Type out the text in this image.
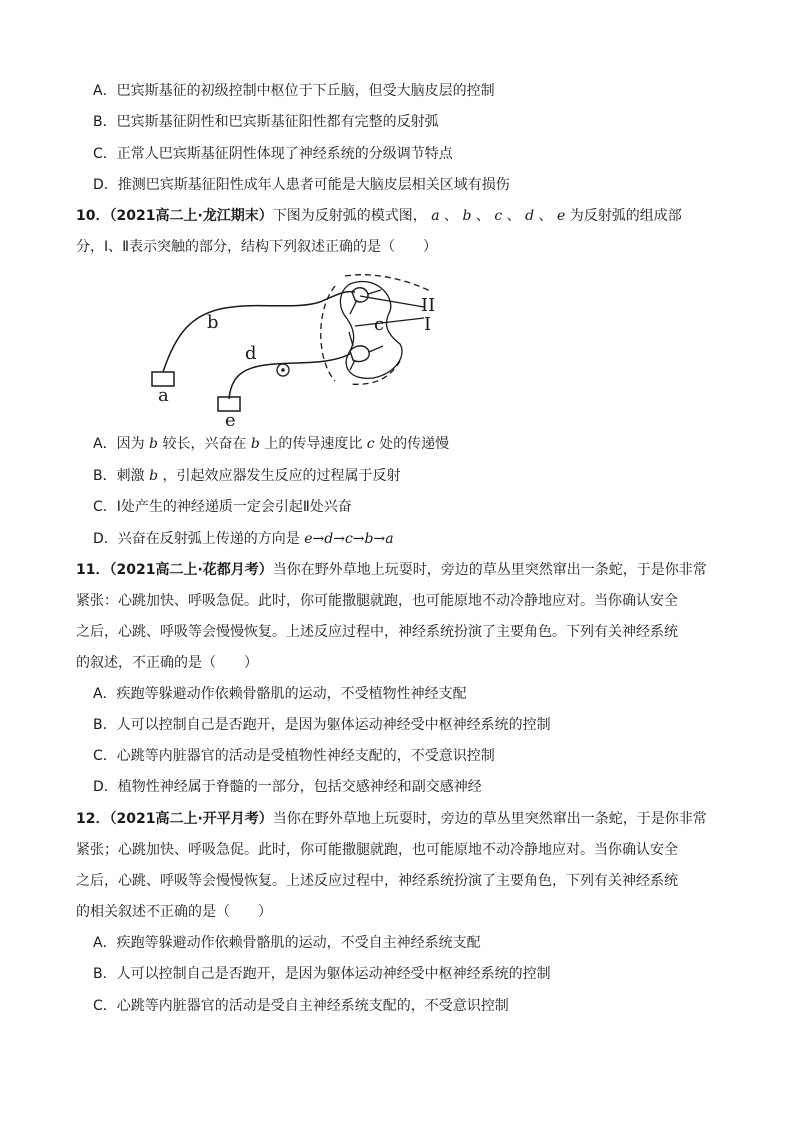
A．巴宾斯基征的初级控制中枢位于下丘脑，但受大脑皮层的控制
B．巴宾斯基征阴性和巴宾斯基征阳性都有完整的反射弧
C．正常人巴宾斯基征阴性体现了神经系统的分级调节特点
D．推测巴宾斯基征阳性成年人患者可能是大脑皮层相关区域有损伤
10．（2021高二上·龙江期末）下图为反射弧的模式图， a 、 b 、 c 、 d 、 e 为反射弧的组成部
分，Ⅰ、Ⅱ表示突触的部分，结构下列叙述正确的是（　　）
a
b	c
d
e
II
I
A．因为 b 较长，兴奋在 b 上的传导速度比 c 处的传递慢
B．刺激 b ，引起效应器发生反应的过程属于反射
C．Ⅰ处产生的神经递质一定会引起Ⅱ处兴奋
D．兴奋在反射弧上传递的方向是 e→d→c→b→a
11．（2021高二上·花都月考）当你在野外草地上玩耍时，旁边的草丛里突然窜出一条蛇，于是你非常
紧张：心跳加快、呼吸急促。此时，你可能撒腿就跑，也可能原地不动冷静地应对。当你确认安全
之后，心跳、呼吸等会慢慢恢复。上述反应过程中，神经系统扮演了主要角色。下列有关神经系统
的叙述，不正确的是（　　）
A．疾跑等躲避动作依赖骨骼肌的运动，不受植物性神经支配
B．人可以控制自己是否跑开，是因为躯体运动神经受中枢神经系统的控制
C．心跳等内脏器官的活动是受植物性神经支配的，不受意识控制
D．植物性神经属于脊髓的一部分，包括交感神经和副交感神经
12．（2021高二上·开平月考）当你在野外草地上玩耍时，旁边的草丛里突然窜出一条蛇，于是你非常
紧张；心跳加快、呼吸急促。此时，你可能撒腿就跑，也可能原地不动冷静地应对。当你确认安全
之后，心跳、呼吸等会慢慢恢复。上述反应过程中，神经系统扮演了主要角色，下列有关神经系统
的相关叙述不正确的是（　　）
A．疾跑等躲避动作依赖骨骼肌的运动，不受自主神经系统支配
B．人可以控制自己是否跑开，是因为躯体运动神经受中枢神经系统的控制
C．心跳等内脏器官的活动是受自主神经系统支配的，不受意识控制
